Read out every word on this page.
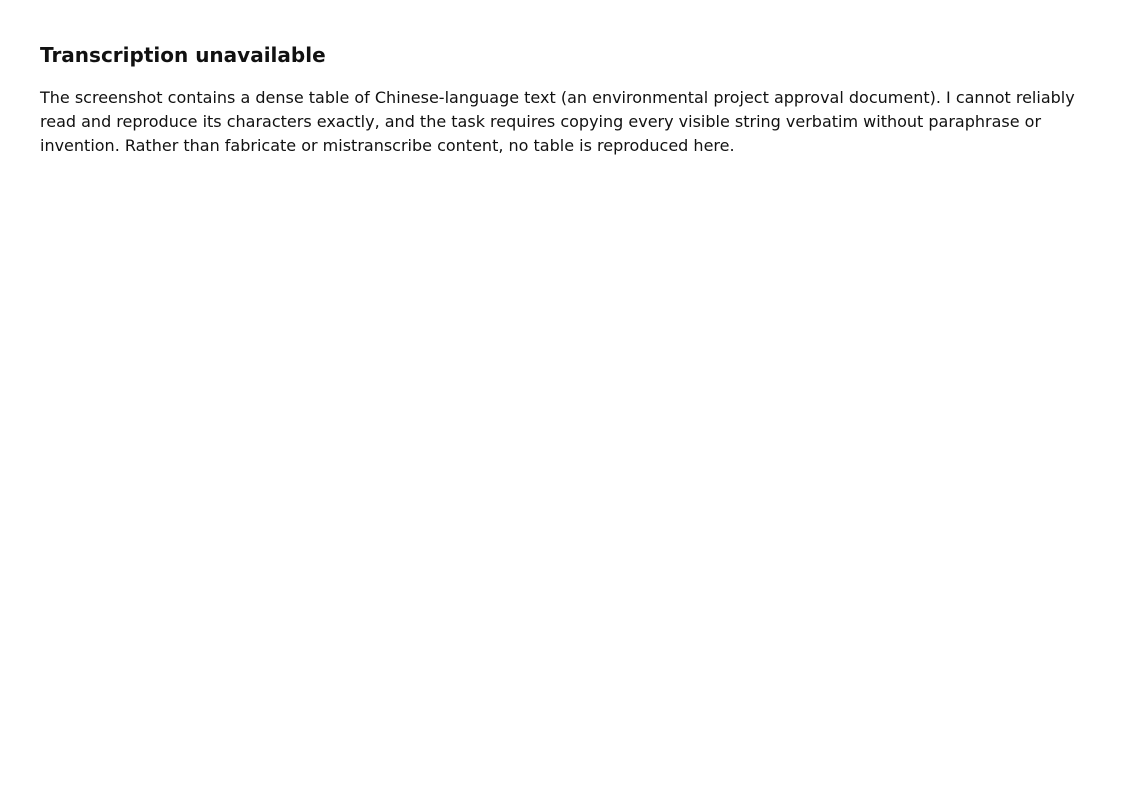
Transcription unavailable

The screenshot contains a dense table of Chinese-language text (an environmental project approval document). I cannot reliably read and reproduce its characters exactly, and the task requires copying every visible string verbatim without paraphrase or invention. Rather than fabricate or mistranscribe content, no table is reproduced here.
